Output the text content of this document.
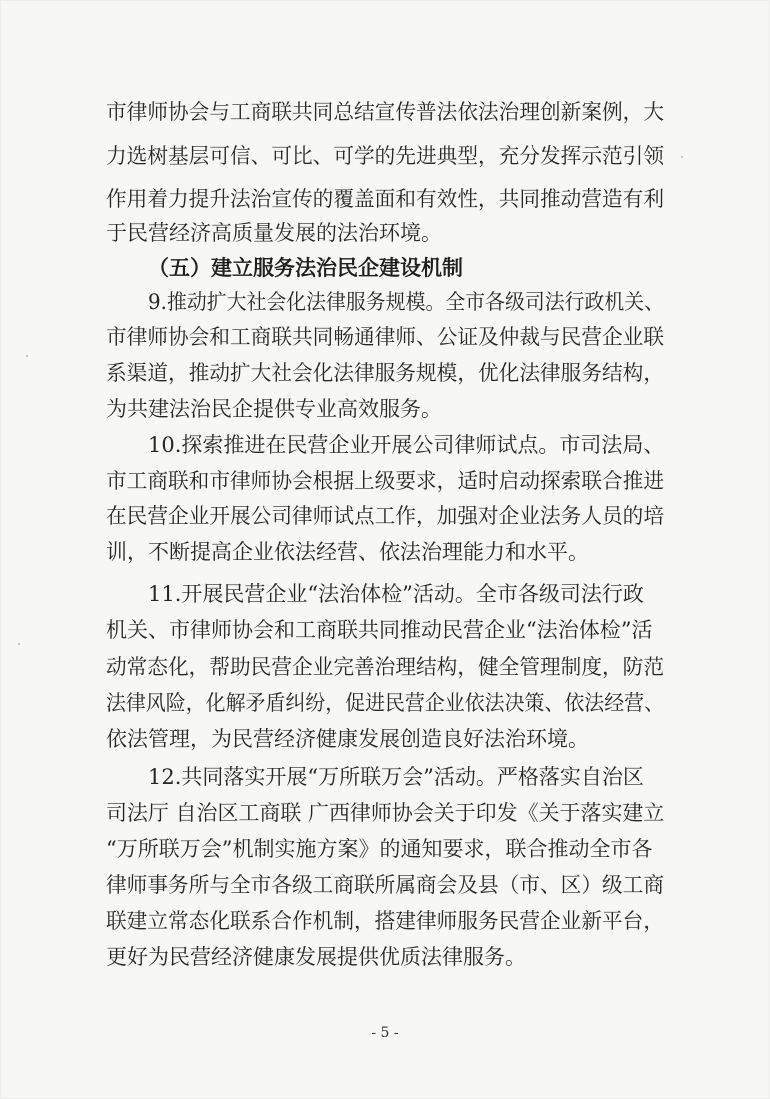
市律师协会与工商联共同总结宣传普法依法治理创新案例，大
力选树基层可信、可比、可学的先进典型，充分发挥示范引领
作用着力提升法治宣传的覆盖面和有效性，共同推动营造有利
于民营经济高质量发展的法治环境。
（五）建立服务法治民企建设机制
9.推动扩大社会化法律服务规模。全市各级司法行政机关、
市律师协会和工商联共同畅通律师、公证及仲裁与民营企业联
系渠道，推动扩大社会化法律服务规模，优化法律服务结构，
为共建法治民企提供专业高效服务。
10.探索推进在民营企业开展公司律师试点。市司法局、
市工商联和市律师协会根据上级要求，适时启动探索联合推进
在民营企业开展公司律师试点工作，加强对企业法务人员的培
训，不断提高企业依法经营、依法治理能力和水平。
11.开展民营企业“法治体检”活动。全市各级司法行政
机关、市律师协会和工商联共同推动民营企业“法治体检”活
动常态化，帮助民营企业完善治理结构，健全管理制度，防范
法律风险，化解矛盾纠纷，促进民营企业依法决策、依法经营、
依法管理，为民营经济健康发展创造良好法治环境。
12.共同落实开展“万所联万会”活动。严格落实自治区
司法厅 自治区工商联 广西律师协会关于印发《关于落实建立
“万所联万会”机制实施方案》的通知要求，联合推动全市各
律师事务所与全市各级工商联所属商会及县（市、区）级工商
联建立常态化联系合作机制，搭建律师服务民营企业新平台，
更好为民营经济健康发展提供优质法律服务。
- 5 -
